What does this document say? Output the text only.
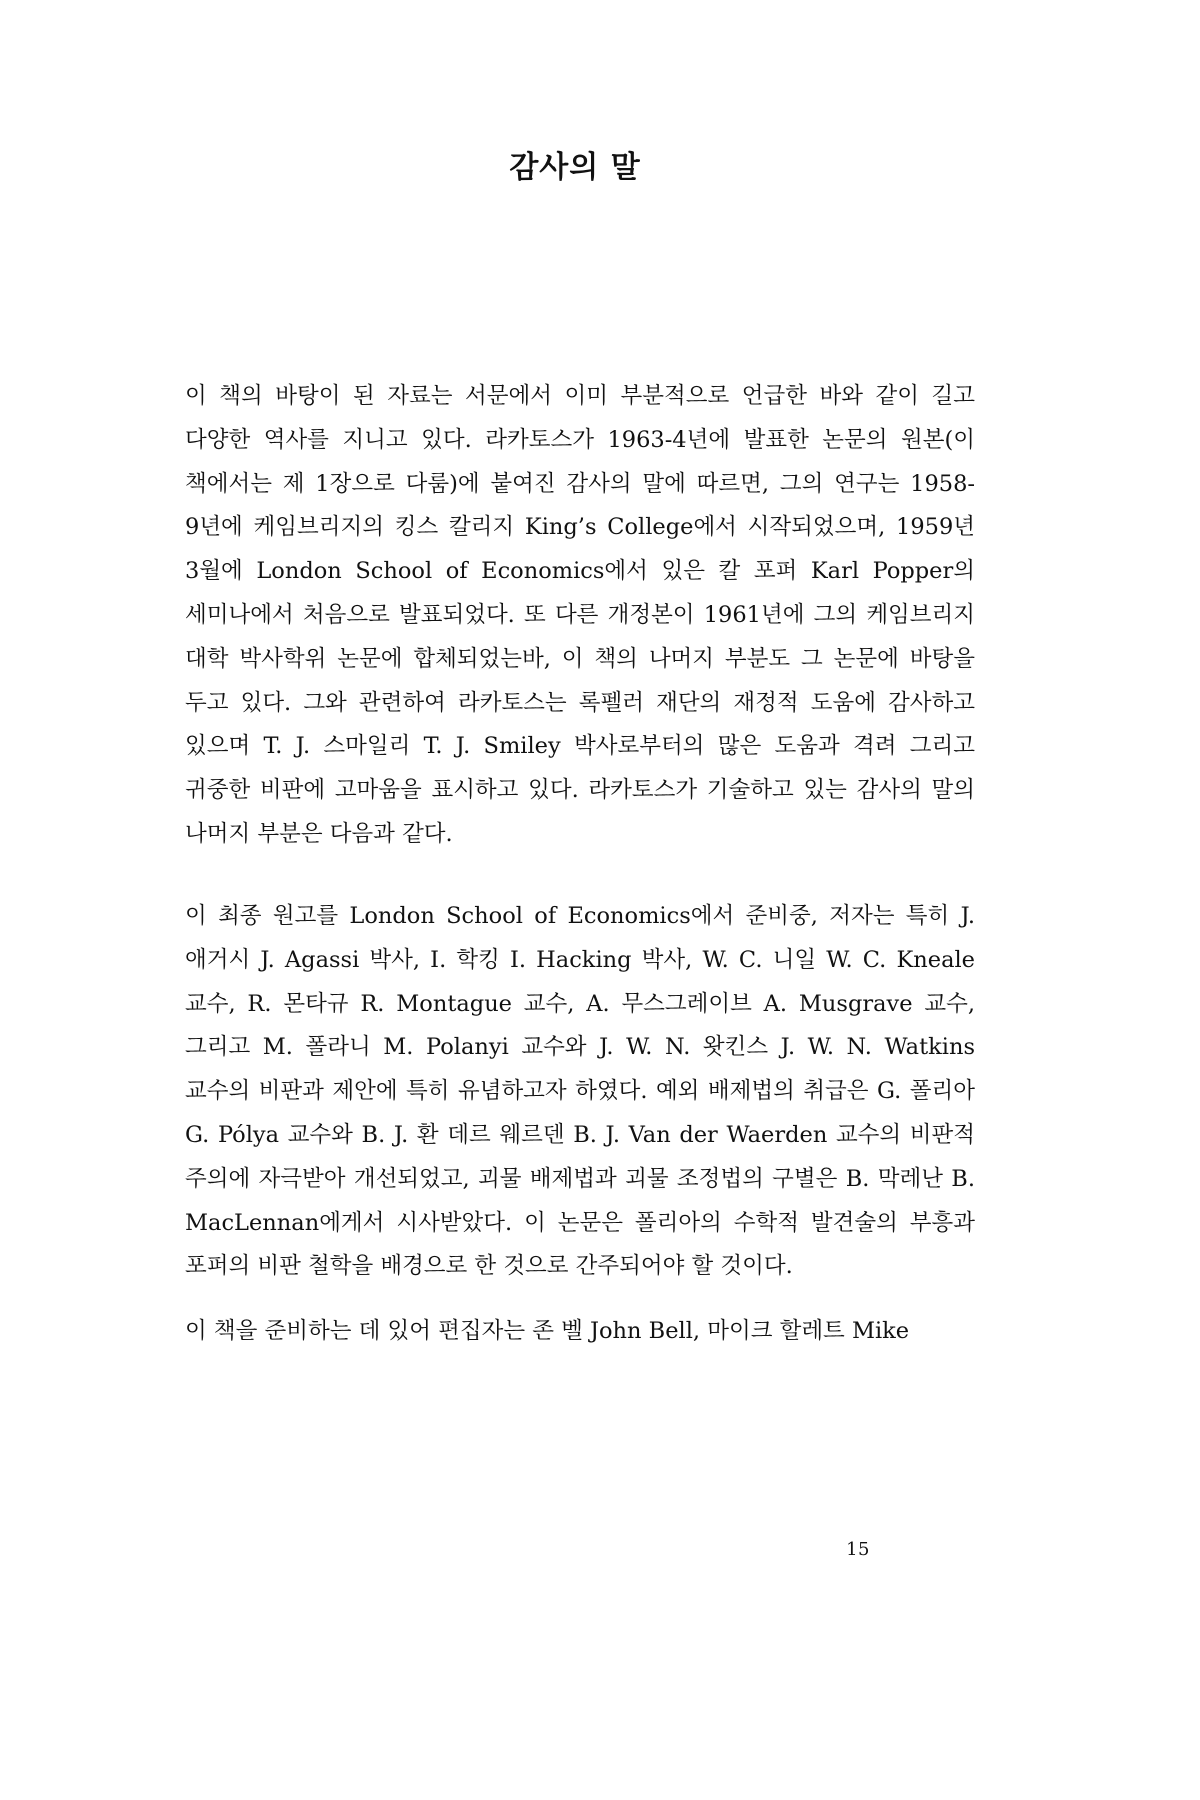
감사의 말

이 책의 바탕이 된 자료는 서문에서 이미 부분적으로 언급한 바와 같이 길고 다양한 역사를 지니고 있다. 라카토스가 1963-4년에 발표한 논문의 원본(이 책에서는 제 1장으로 다룸)에 붙여진 감사의 말에 따르면, 그의 연구는 1958-9년에 케임브리지의 킹스 칼리지 King’s College에서 시작되었으며, 1959년 3월에 London School of Economics에서 있은 칼 포퍼 Karl Popper의 세미나에서 처음으로 발표되었다. 또 다른 개정본이 1961년에 그의 케임브리지 대학 박사학위 논문에 합체되었는바, 이 책의 나머지 부분도 그 논문에 바탕을 두고 있다. 그와 관련하여 라카토스는 록펠러 재단의 재정적 도움에 감사하고 있으며 T. J. 스마일리 T. J. Smiley 박사로부터의 많은 도움과 격려 그리고 귀중한 비판에 고마움을 표시하고 있다. 라카토스가 기술하고 있는 감사의 말의 나머지 부분은 다음과 같다.

이 최종 원고를 London School of Economics에서 준비중, 저자는 특히 J. 애거시 J. Agassi 박사, I. 학킹 I. Hacking 박사, W. C. 니일 W. C. Kneale 교수, R. 몬타규 R. Montague 교수, A. 무스그레이브 A. Musgrave 교수, 그리고 M. 폴라니 M. Polanyi 교수와 J. W. N. 왓킨스 J. W. N. Watkins 교수의 비판과 제안에 특히 유념하고자 하였다. 예외 배제법의 취급은 G. 폴리아 G. Pólya 교수와 B. J. 환 데르 웨르덴 B. J. Van der Waerden 교수의 비판적 주의에 자극받아 개선되었고, 괴물 배제법과 괴물 조정법의 구별은 B. 막레난 B. MacLennan에게서 시사받았다. 이 논문은 폴리아의 수학적 발견술의 부흥과 포퍼의 비판 철학을 배경으로 한 것으로 간주되어야 할 것이다.

이 책을 준비하는 데 있어 편집자는 존 벨 John Bell, 마이크 할레트 Mike

15
